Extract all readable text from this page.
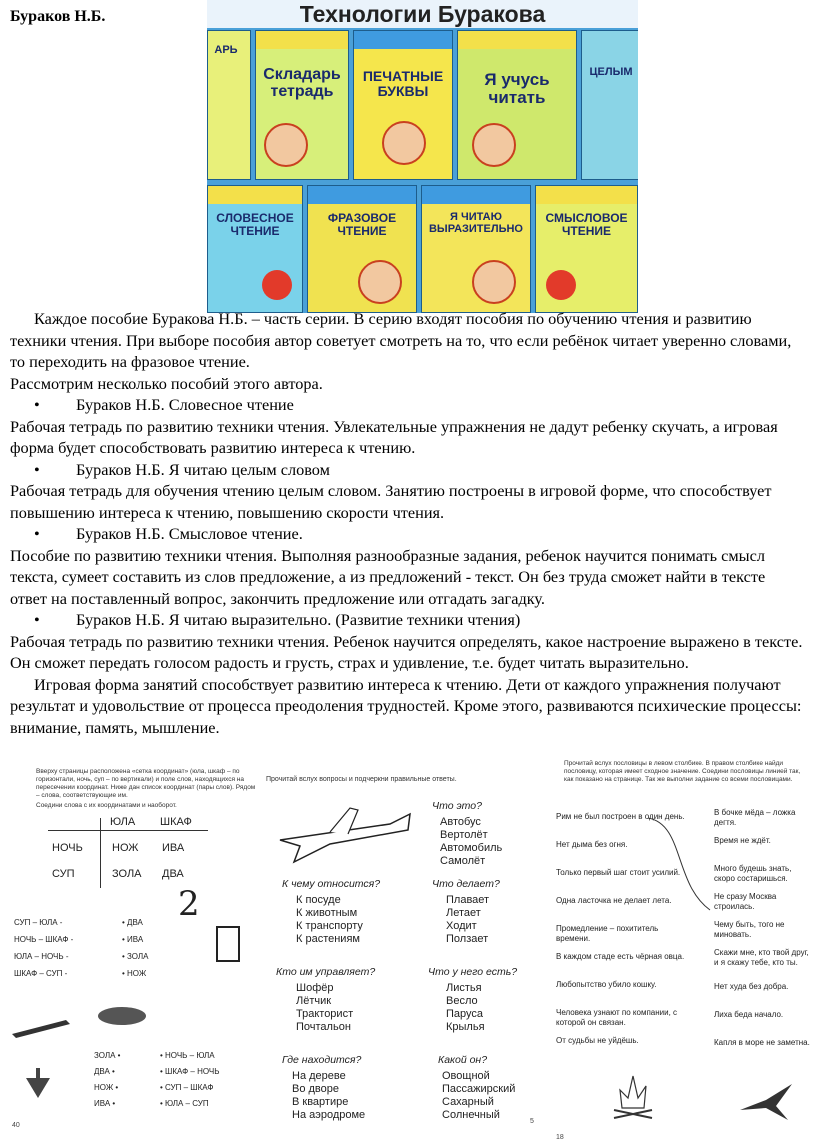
Бураков Н.Б.	Технологии Буракова
Складарь тетрадь
ПЕЧАТНЫЕ БУКВЫ
Я учусь читать
ЦЕЛЫМ
АРЬ
СЛОВЕСНОЕ ЧТЕНИЕ
ФРАЗОВОЕ ЧТЕНИЕ
Я ЧИТАЮ ВЫРАЗИТЕЛЬНО
СМЫСЛОВОЕ ЧТЕНИЕ

Каждое пособие Буракова Н.Б. – часть серии. В серию входят пособия по обучению чтения и развитию техники чтения. При выборе пособия автор советует смотреть на то, что если ребёнок читает уверенно словами, то переходить на фразовое чтение.

Рассмотрим несколько пособий этого автора.

• Бураков Н.Б. Словесное чтение

Рабочая тетрадь по развитию техники чтения. Увлекательные упражнения не дадут ребенку скучать, а игровая форма будет способствовать развитию интереса к чтению.

• Бураков Н.Б. Я читаю целым словом

Рабочая тетрадь для обучения чтению целым словом. Занятию построены в игровой форме, что способствует повышению интереса к чтению, повышению скорости чтения.

• Бураков Н.Б. Смысловое чтение.

Пособие по развитию техники чтения. Выполняя разнообразные задания, ребенок научится понимать смысл текста, сумеет составить из слов предложение, а из предложений - текст. Он без труда сможет найти в тексте ответ на поставленный вопрос, закончить предложение или отгадать загадку.

• Бураков Н.Б. Я читаю выразительно. (Развитие техники чтения)

Рабочая тетрадь по развитию техники чтения. Ребенок научится определять, какое настроение выражено в тексте. Он сможет передать голосом радость и грусть, страх и удивление, т.е. будет читать выразительно.

Игровая форма занятий способствует развитию интереса к чтению. Дети от каждого упражнения получают результат и удовольствие от процесса преодоления трудностей. Кроме этого, развиваются психические процессы: внимание, память, мышление.

Вверху страницы расположена «сетка координат» (юла, шкаф – по горизонтали, ночь, суп – по вертикали) и поле слов, находящихся на пересечении координат. Ниже дан список координат (пары слов). Рядом – слова, соответствующие им.
Соедини слова с их координатами и наоборот.
ЮЛА ШКАФ
НОЧЬ	НОЖ ИВА
СУП	ЗОЛА ДВА
СУП – ЮЛА -
НОЧЬ – ШКАФ -
ЮЛА – НОЧЬ -
ШКАФ – СУП -
• ДВА
• ИВА
• ЗОЛА
• НОЖ
2
ЗОЛА •
ДВА •
НОЖ •
ИВА •
• НОЧЬ – ЮЛА
• ШКАФ – НОЧЬ
• СУП – ШКАФ
• ЮЛА – СУП
40
Прочитай вслух вопросы и подчеркни правильные ответы.
Что это?
Автобус
Вертолёт
Автомобиль
Самолёт
К чему относится?
К посуде
К животным
К транспорту
К растениям
Что делает?
Плавает
Летает
Ходит
Ползает
Кто им управляет?
Шофёр
Лётчик
Тракторист
Почтальон
Что у него есть?
Листья
Весло
Паруса
Крылья
Где находится?
На дереве
Во дворе
В квартире
На аэродроме
Какой он?
Овощной
Пассажирский
Сахарный
Солнечный
5
Прочитай вслух пословицы в левом столбике. В правом столбике найди пословицу, которая имеет сходное значение. Соедини пословицы линией так, как показано на странице. Так же выполни задание со всеми пословицами.
Рим не был построен в один день.
Нет дыма без огня.
Только первый шаг стоит усилий.
Одна ласточка не делает лета.
Промедление – похититель времени.
В каждом стаде есть чёрная овца.
Любопытство убило кошку.
Человека узнают по компании, с которой он связан.
От судьбы не уйдёшь.
В бочке мёда – ложка дегтя.
Время не ждёт.
Много будешь знать, скоро состаришься.
Не сразу Москва строилась.
Чему быть, того не миновать.
Скажи мне, кто твой друг, и я скажу тебе, кто ты.
Нет худа без добра.
Лиха беда начало.
Капля в море не заметна.
18
